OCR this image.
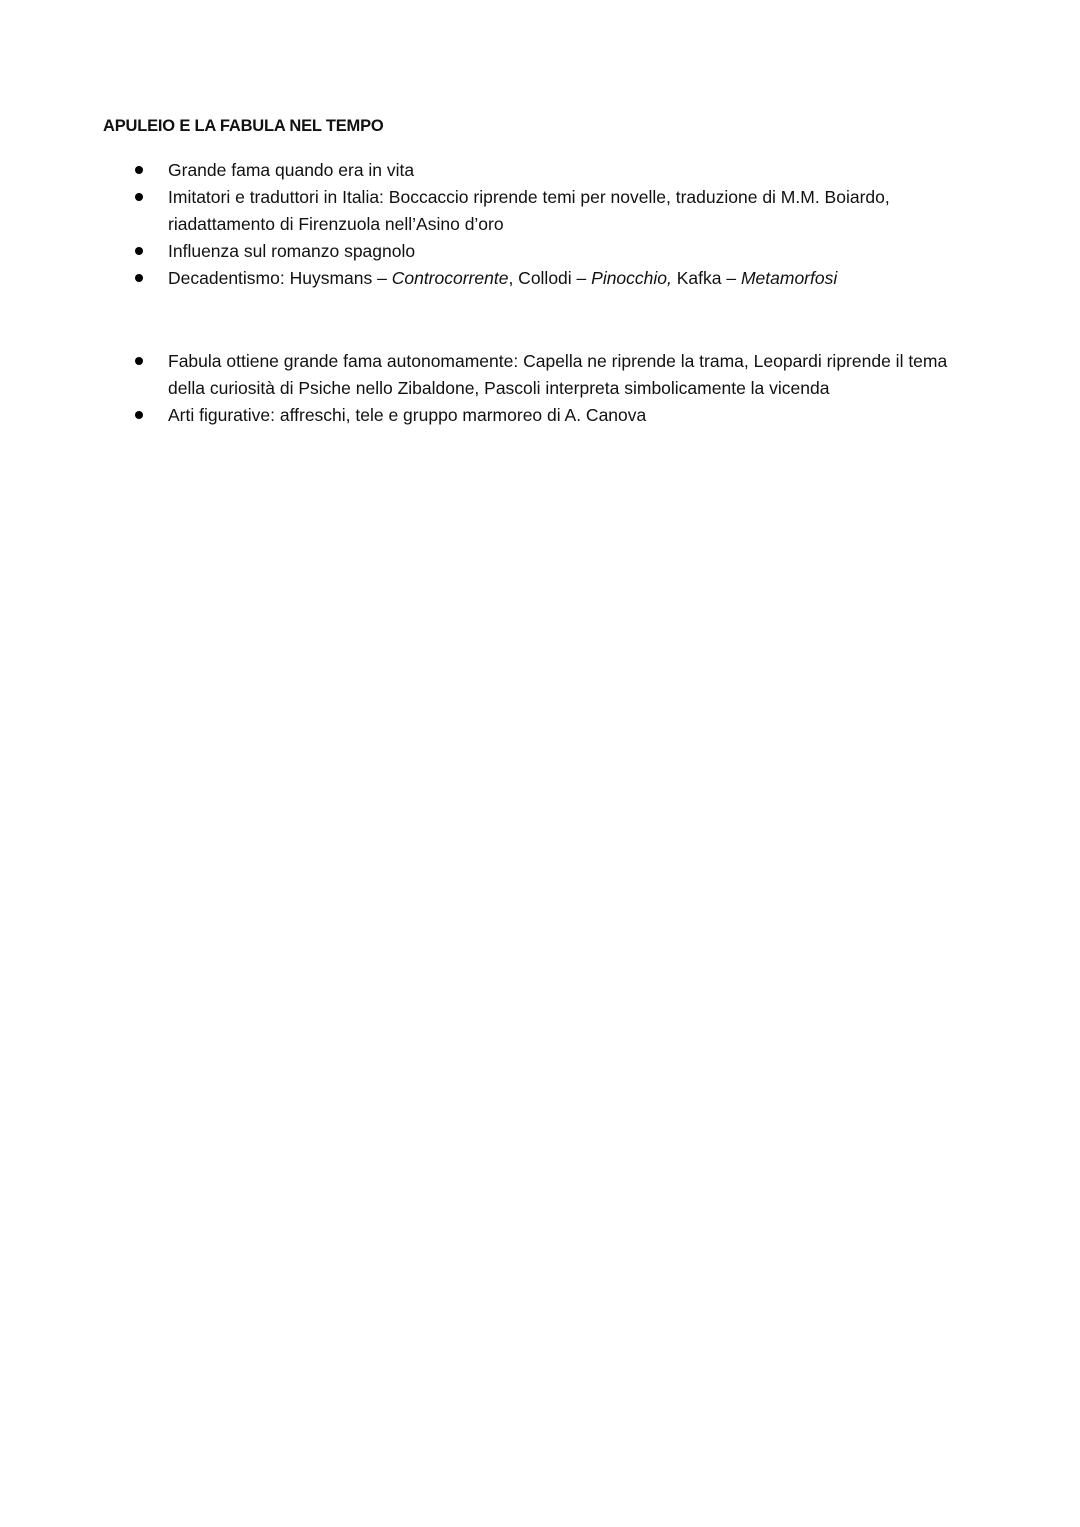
APULEIO E LA FABULA NEL TEMPO
Grande fama quando era in vita
Imitatori e traduttori in Italia: Boccaccio riprende temi per novelle, traduzione di M.M. Boiardo, riadattamento di Firenzuola nell’Asino d’oro
Influenza sul romanzo spagnolo
Decadentismo: Huysmans – Controcorrente, Collodi – Pinocchio, Kafka – Metamorfosi
Fabula ottiene grande fama autonomamente: Capella ne riprende la trama, Leopardi riprende il tema della curiosità di Psiche nello Zibaldone, Pascoli interpreta simbolicamente la vicenda
Arti figurative: affreschi, tele e gruppo marmoreo di A. Canova
